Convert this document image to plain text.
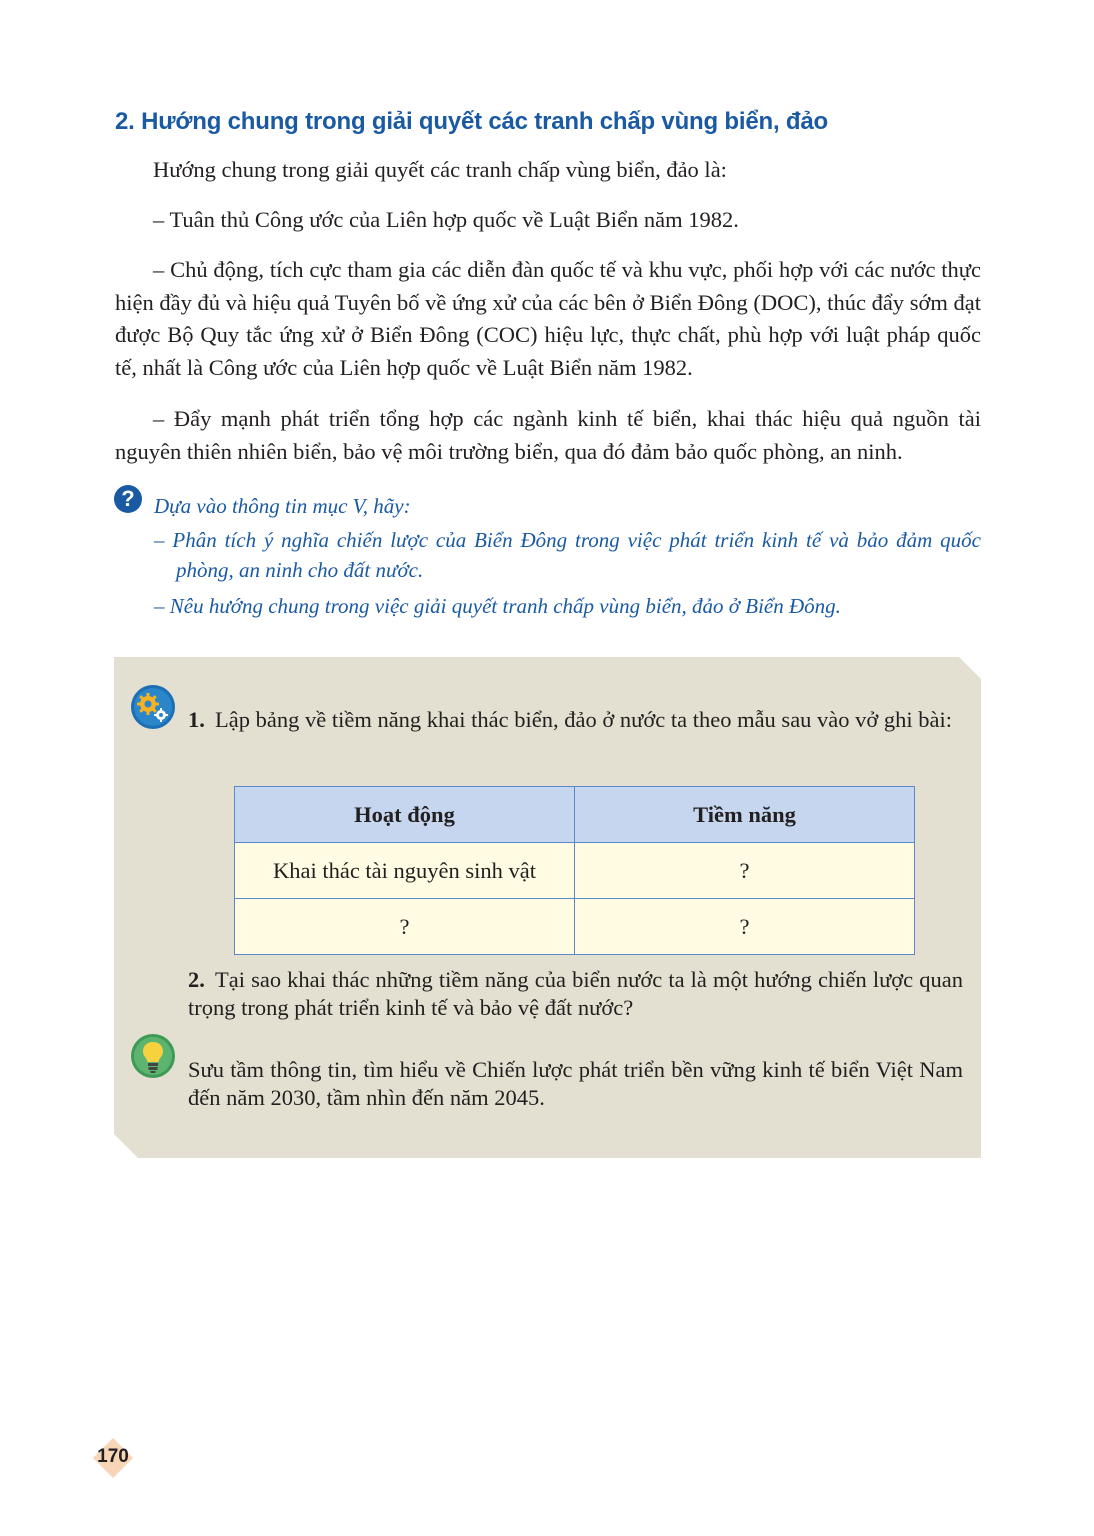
2. Hướng chung trong giải quyết các tranh chấp vùng biển, đảo

Hướng chung trong giải quyết các tranh chấp vùng biển, đảo là:

– Tuân thủ Công ước của Liên hợp quốc về Luật Biển năm 1982.

– Chủ động, tích cực tham gia các diễn đàn quốc tế và khu vực, phối hợp với các nước thực hiện đầy đủ và hiệu quả Tuyên bố về ứng xử của các bên ở Biển Đông (DOC), thúc đẩy sớm đạt được Bộ Quy tắc ứng xử ở Biển Đông (COC) hiệu lực, thực chất, phù hợp với luật pháp quốc tế, nhất là Công ước của Liên hợp quốc về Luật Biển năm 1982.

– Đẩy mạnh phát triển tổng hợp các ngành kinh tế biển, khai thác hiệu quả nguồn tài nguyên thiên nhiên biển, bảo vệ môi trường biển, qua đó đảm bảo quốc phòng, an ninh.

? Dựa vào thông tin mục V, hãy:

– Phân tích ý nghĩa chiến lược của Biển Đông trong việc phát triển kinh tế và bảo đảm quốc phòng, an ninh cho đất nước.

– Nêu hướng chung trong việc giải quyết tranh chấp vùng biển, đảo ở Biển Đông.

1. Lập bảng về tiềm năng khai thác biển, đảo ở nước ta theo mẫu sau vào vở ghi bài:

Hoạt động	Tiềm năng
Khai thác tài nguyên sinh vật	?
?	?

2. Tại sao khai thác những tiềm năng của biển nước ta là một hướng chiến lược quan trọng trong phát triển kinh tế và bảo vệ đất nước?

Sưu tầm thông tin, tìm hiểu về Chiến lược phát triển bền vững kinh tế biển Việt Nam đến năm 2030, tầm nhìn đến năm 2045.

170
